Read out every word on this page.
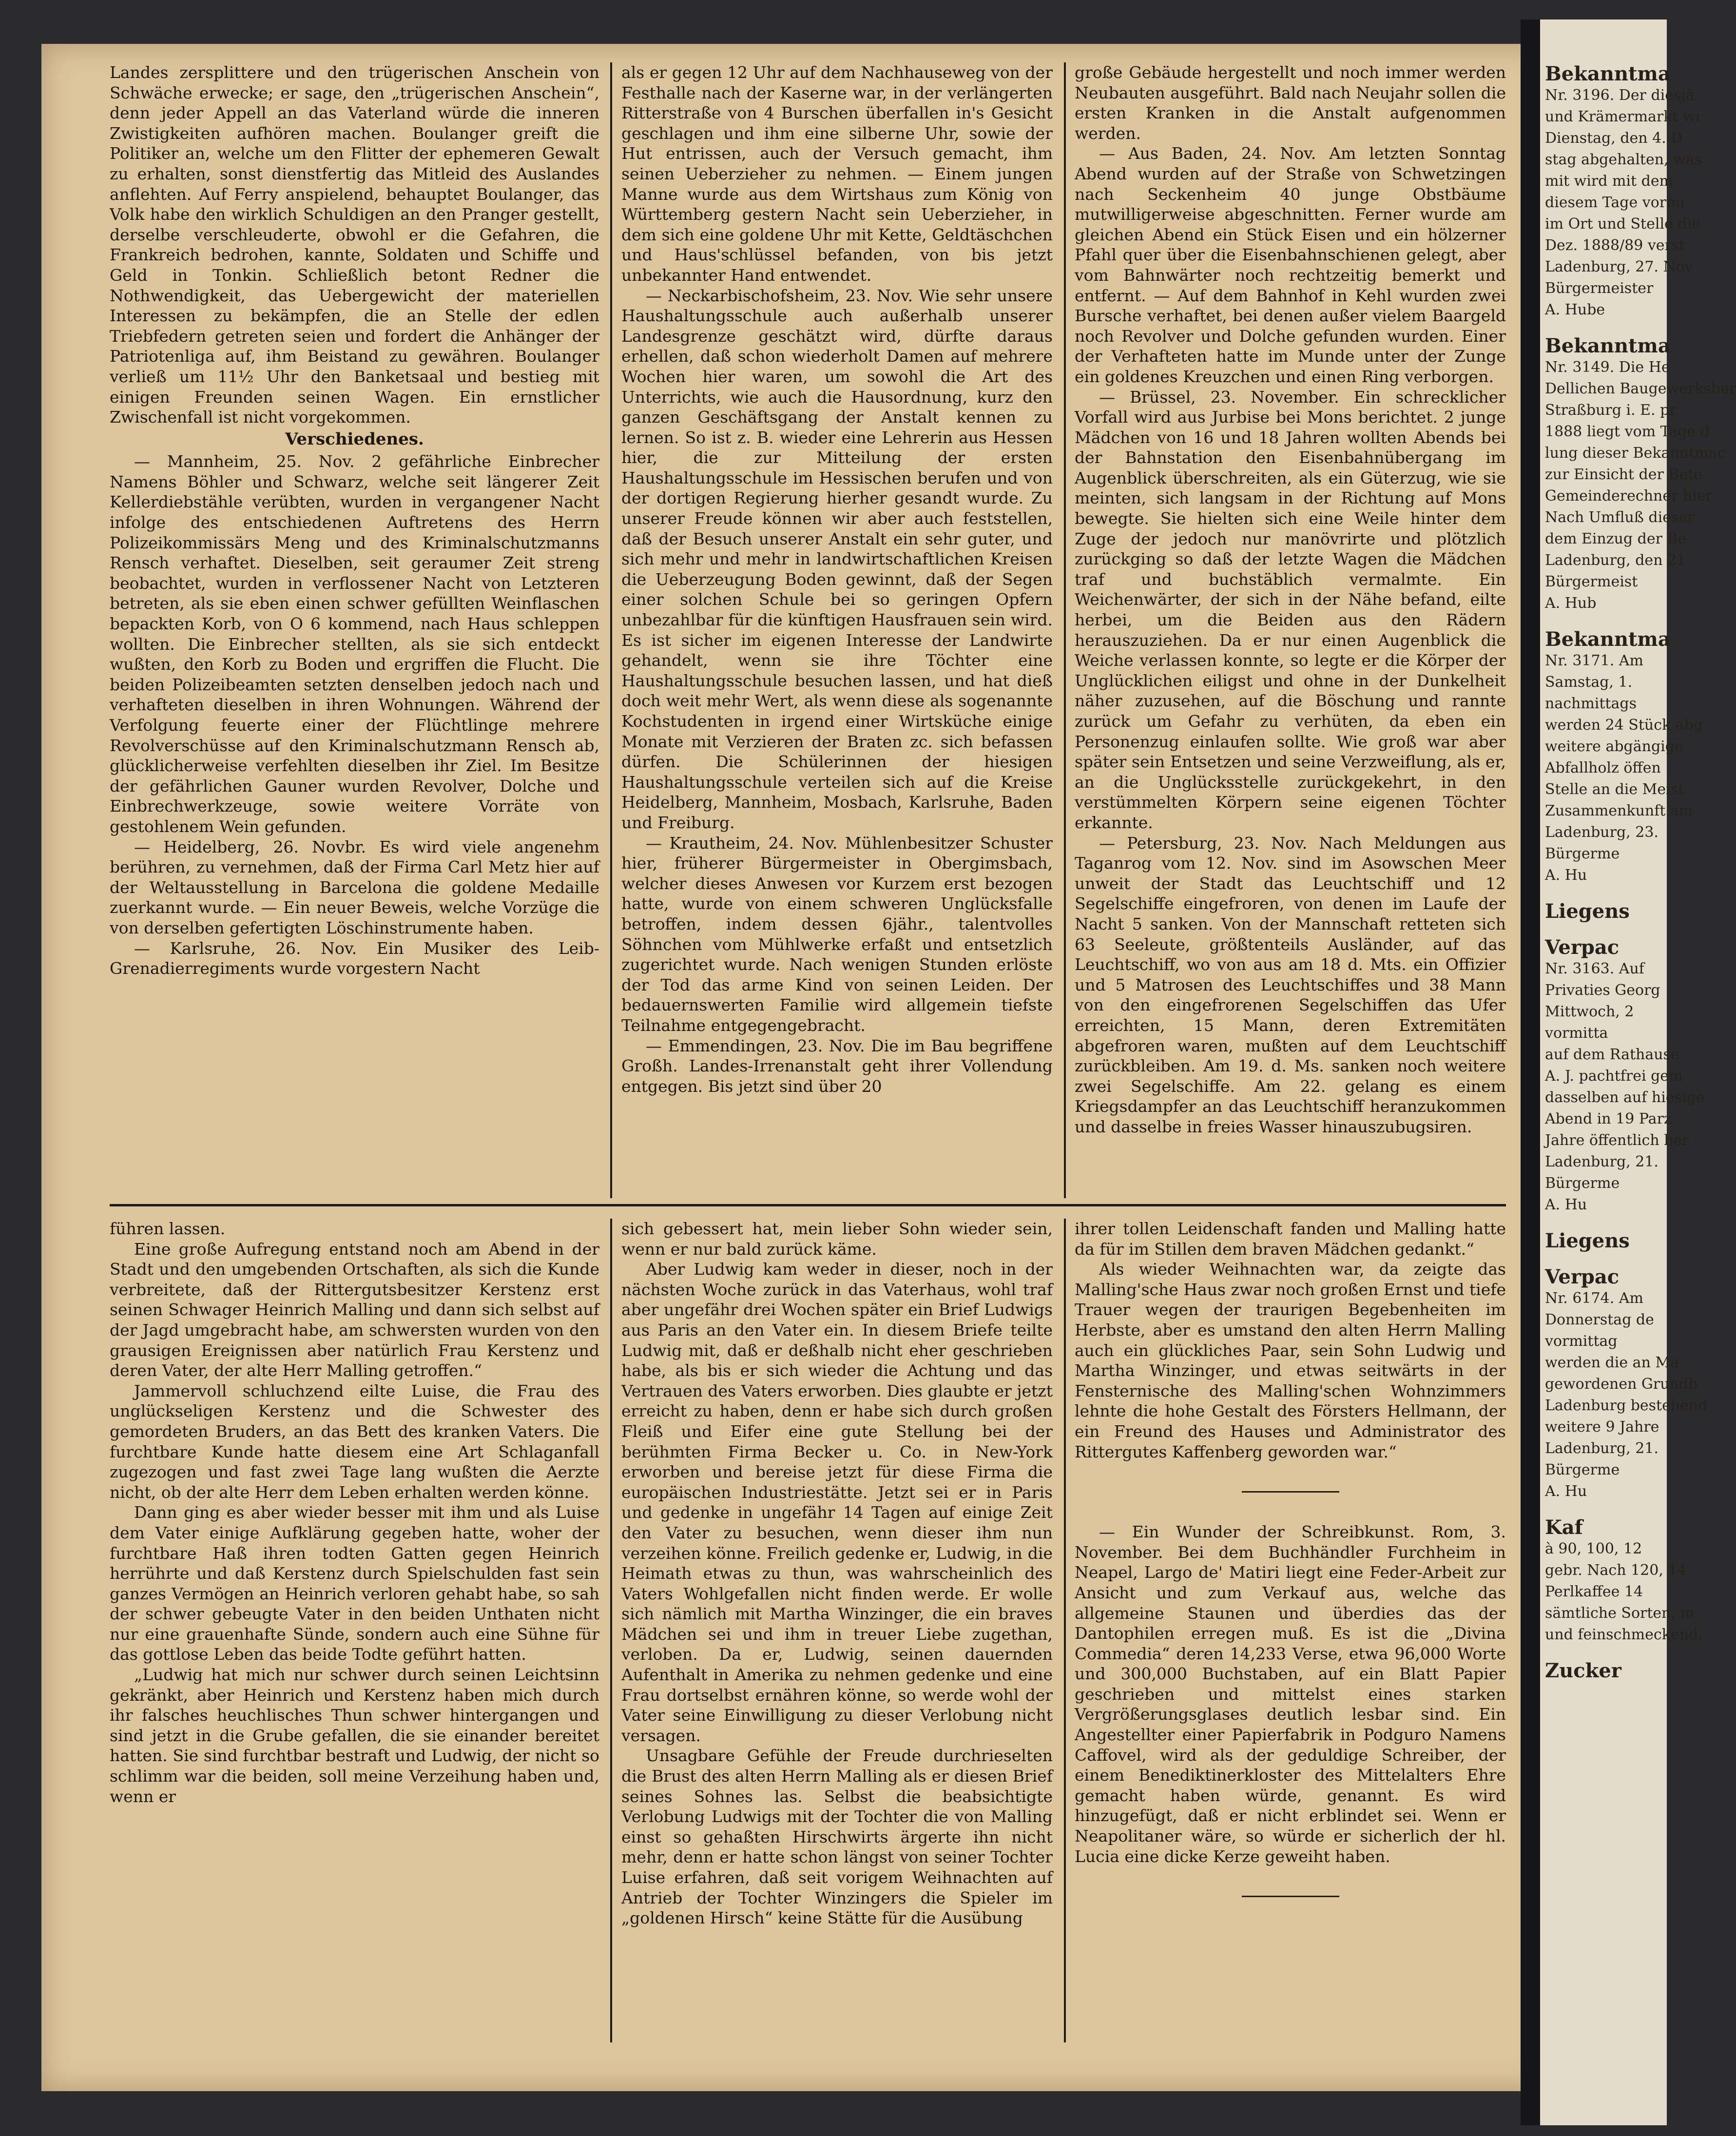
Bekanntma
Nr. 3196. Der diesjä
und Krämermarkt wi
Dienstag, den 4. D
stag abgehalten, was
mit wird mit dem
diesem Tage vormi
im Ort und Stelle die
Dez. 1888/89 verst
Ladenburg, 27. Nov
Bürgermeister
A. Hube
Bekanntma
Nr. 3149. Die He
Dellichen Baugewerksber
Straßburg i. E. pr
1888 liegt vom Tage d
lung dieser Bekanntmac
zur Einsicht der Bete
Gemeinderechner hier
Nach Umfluß dieser
dem Einzug der Be
Ladenburg, den 21
Bürgermeist
A. Hub
Bekanntma
Nr. 3171. Am
Samstag, 1.
nachmittags
werden 24 Stück abg
weitere abgängige
Abfallholz öffen
Stelle an die Meist
Zusammenkunft am
Ladenburg, 23.
Bürgerme
A. Hu
Liegens
Verpac
Nr. 3163. Auf
Privaties Georg
Mittwoch, 2
vormitta
auf dem Rathause
A. J. pachtfrei gem
dasselben auf hiesige
Abend in 19 Parz
Jahre öffentlich ber
Ladenburg, 21.
Bürgerme
A. Hu
Liegens
Verpac
Nr. 6174. Am
Donnerstag de
vormittag
werden die an Ma
gewordenen Grundb
Ladenburg bestehend
weitere 9 Jahre
Ladenburg, 21.
Bürgerme
A. Hu
Kaf
à 90, 100, 12
gebr. Nach 120, 14
Perlkaffee 14
sämtliche Sorten, m
und feinschmeckend.
Zucker

Landes zersplittere und den trügerischen Anschein von Schwäche erwecke; er sage, den „trügerischen Anschein“, denn jeder Appell an das Vaterland würde die inneren Zwistigkeiten aufhören machen. Boulanger greift die Politiker an, welche um den Flitter der ephemeren Gewalt zu erhalten, sonst dienstfertig das Mitleid des Auslandes anflehten. Auf Ferry anspielend, behauptet Boulanger, das Volk habe den wirklich Schuldigen an den Pranger gestellt, derselbe verschleuderte, obwohl er die Gefahren, die Frankreich bedrohen, kannte, Soldaten und Schiffe und Geld in Tonkin. Schließlich betont Redner die Nothwendigkeit, das Uebergewicht der materiellen Interessen zu bekämpfen, die an Stelle der edlen Triebfedern getreten seien und fordert die Anhänger der Patriotenliga auf, ihm Beistand zu gewähren. Boulanger verließ um 11½ Uhr den Banketsaal und bestieg mit einigen Freunden seinen Wagen. Ein ernstlicher Zwischenfall ist nicht vorgekommen.

Verschiedenes.

— Mannheim, 25. Nov. 2 gefährliche Einbrecher Namens Böhler und Schwarz, welche seit längerer Zeit Kellerdiebstähle verübten, wurden in vergangener Nacht infolge des entschiedenen Auftretens des Herrn Polizeikommissärs Meng und des Kriminalschutzmanns Rensch verhaftet. Dieselben, seit geraumer Zeit streng beobachtet, wurden in verflossener Nacht von Letzteren betreten, als sie eben einen schwer gefüllten Weinflaschen bepackten Korb, von O 6 kommend, nach Haus schleppen wollten. Die Einbrecher stellten, als sie sich entdeckt wußten, den Korb zu Boden und ergriffen die Flucht. Die beiden Polizeibeamten setzten denselben jedoch nach und verhafteten dieselben in ihren Wohnungen. Während der Verfolgung feuerte einer der Flüchtlinge mehrere Revolverschüsse auf den Kriminalschutzmann Rensch ab, glücklicherweise verfehlten dieselben ihr Ziel. Im Besitze der gefährlichen Gauner wurden Revolver, Dolche und Einbrechwerkzeuge, sowie weitere Vorräte von gestohlenem Wein gefunden.

— Heidelberg, 26. Novbr. Es wird viele angenehm berühren, zu vernehmen, daß der Firma Carl Metz hier auf der Weltausstellung in Barcelona die goldene Medaille zuerkannt wurde. — Ein neuer Beweis, welche Vorzüge die von derselben gefertigten Löschinstrumente haben.

— Karlsruhe, 26. Nov. Ein Musiker des Leib-Grenadierregiments wurde vorgestern Nacht

als er gegen 12 Uhr auf dem Nachhauseweg von der Festhalle nach der Kaserne war, in der verlängerten Ritterstraße von 4 Burschen überfallen in's Gesicht geschlagen und ihm eine silberne Uhr, sowie der Hut entrissen, auch der Versuch gemacht, ihm seinen Ueberzieher zu nehmen. — Einem jungen Manne wurde aus dem Wirtshaus zum König von Württemberg gestern Nacht sein Ueberzieher, in dem sich eine goldene Uhr mit Kette, Geldtäschchen und Haus'schlüssel befanden, von bis jetzt unbekannter Hand entwendet.

— Neckarbischofsheim, 23. Nov. Wie sehr unsere Haushaltungsschule auch außerhalb unserer Landesgrenze geschätzt wird, dürfte daraus erhellen, daß schon wiederholt Damen auf mehrere Wochen hier waren, um sowohl die Art des Unterrichts, wie auch die Hausordnung, kurz den ganzen Geschäftsgang der Anstalt kennen zu lernen. So ist z. B. wieder eine Lehrerin aus Hessen hier, die zur Mitteilung der ersten Haushaltungsschule im Hessischen berufen und von der dortigen Regierung hierher gesandt wurde. Zu unserer Freude können wir aber auch feststellen, daß der Besuch unserer Anstalt ein sehr guter, und sich mehr und mehr in landwirtschaftlichen Kreisen die Ueberzeugung Boden gewinnt, daß der Segen einer solchen Schule bei so geringen Opfern unbezahlbar für die künftigen Hausfrauen sein wird. Es ist sicher im eigenen Interesse der Landwirte gehandelt, wenn sie ihre Töchter eine Haushaltungsschule besuchen lassen, und hat dieß doch weit mehr Wert, als wenn diese als sogenannte Kochstudenten in irgend einer Wirtsküche einige Monate mit Verzieren der Braten zc. sich befassen dürfen. Die Schülerinnen der hiesigen Haushaltungsschule verteilen sich auf die Kreise Heidelberg, Mannheim, Mosbach, Karlsruhe, Baden und Freiburg.

— Krautheim, 24. Nov. Mühlenbesitzer Schuster hier, früherer Bürgermeister in Obergimsbach, welcher dieses Anwesen vor Kurzem erst bezogen hatte, wurde von einem schweren Unglücksfalle betroffen, indem dessen 6jähr., talentvolles Söhnchen vom Mühlwerke erfaßt und entsetzlich zugerichtet wurde. Nach wenigen Stunden erlöste der Tod das arme Kind von seinen Leiden. Der bedauernswerten Familie wird allgemein tiefste Teilnahme entgegengebracht.

— Emmendingen, 23. Nov. Die im Bau begriffene Großh. Landes-Irrenanstalt geht ihrer Vollendung entgegen. Bis jetzt sind über 20

große Gebäude hergestellt und noch immer werden Neubauten ausgeführt. Bald nach Neujahr sollen die ersten Kranken in die Anstalt aufgenommen werden.

— Aus Baden, 24. Nov. Am letzten Sonntag Abend wurden auf der Straße von Schwetzingen nach Seckenheim 40 junge Obstbäume mutwilligerweise abgeschnitten. Ferner wurde am gleichen Abend ein Stück Eisen und ein hölzerner Pfahl quer über die Eisenbahnschienen gelegt, aber vom Bahnwärter noch rechtzeitig bemerkt und entfernt. — Auf dem Bahnhof in Kehl wurden zwei Bursche verhaftet, bei denen außer vielem Baargeld noch Revolver und Dolche gefunden wurden. Einer der Verhafteten hatte im Munde unter der Zunge ein goldenes Kreuzchen und einen Ring verborgen.

— Brüssel, 23. November. Ein schrecklicher Vorfall wird aus Jurbise bei Mons berichtet. 2 junge Mädchen von 16 und 18 Jahren wollten Abends bei der Bahnstation den Eisenbahnübergang im Augenblick überschreiten, als ein Güterzug, wie sie meinten, sich langsam in der Richtung auf Mons bewegte. Sie hielten sich eine Weile hinter dem Zuge der jedoch nur manövrirte und plötzlich zurückging so daß der letzte Wagen die Mädchen traf und buchstäblich vermalmte. Ein Weichenwärter, der sich in der Nähe befand, eilte herbei, um die Beiden aus den Rädern herauszuziehen. Da er nur einen Augenblick die Weiche verlassen konnte, so legte er die Körper der Unglücklichen eiligst und ohne in der Dunkelheit näher zuzusehen, auf die Böschung und rannte zurück um Gefahr zu verhüten, da eben ein Personenzug einlaufen sollte. Wie groß war aber später sein Entsetzen und seine Verzweiflung, als er, an die Unglücksstelle zurückgekehrt, in den verstümmelten Körpern seine eigenen Töchter erkannte.

— Petersburg, 23. Nov. Nach Meldungen aus Taganrog vom 12. Nov. sind im Asowschen Meer unweit der Stadt das Leuchtschiff und 12 Segelschiffe eingefroren, von denen im Laufe der Nacht 5 sanken. Von der Mannschaft retteten sich 63 Seeleute, größtenteils Ausländer, auf das Leuchtschiff, wo von aus am 18 d. Mts. ein Offizier und 5 Matrosen des Leuchtschiffes und 38 Mann von den eingefrorenen Segelschiffen das Ufer erreichten, 15 Mann, deren Extremitäten abgefroren waren, mußten auf dem Leuchtschiff zurückbleiben. Am 19. d. Ms. sanken noch weitere zwei Segelschiffe. Am 22. gelang es einem Kriegsdampfer an das Leuchtschiff heranzukommen und dasselbe in freies Wasser hinauszubugsiren.

führen lassen.

Eine große Aufregung entstand noch am Abend in der Stadt und den umgebenden Ortschaften, als sich die Kunde verbreitete, daß der Rittergutsbesitzer Kerstenz erst seinen Schwager Heinrich Malling und dann sich selbst auf der Jagd umgebracht habe, am schwersten wurden von den grausigen Ereignissen aber natürlich Frau Kerstenz und deren Vater, der alte Herr Malling getroffen.“

Jammervoll schluchzend eilte Luise, die Frau des unglückseligen Kerstenz und die Schwester des gemordeten Bruders, an das Bett des kranken Vaters. Die furchtbare Kunde hatte diesem eine Art Schlaganfall zugezogen und fast zwei Tage lang wußten die Aerzte nicht, ob der alte Herr dem Leben erhalten werden könne.

Dann ging es aber wieder besser mit ihm und als Luise dem Vater einige Aufklärung gegeben hatte, woher der furchtbare Haß ihren todten Gatten gegen Heinrich herrührte und daß Kerstenz durch Spielschulden fast sein ganzes Vermögen an Heinrich verloren gehabt habe, so sah der schwer gebeugte Vater in den beiden Unthaten nicht nur eine grauenhafte Sünde, sondern auch eine Sühne für das gottlose Leben das beide Todte geführt hatten.

„Ludwig hat mich nur schwer durch seinen Leichtsinn gekränkt, aber Heinrich und Kerstenz haben mich durch ihr falsches heuchlisches Thun schwer hintergangen und sind jetzt in die Grube gefallen, die sie einander bereitet hatten. Sie sind furchtbar bestraft und Ludwig, der nicht so schlimm war die beiden, soll meine Verzeihung haben und, wenn er

sich gebessert hat, mein lieber Sohn wieder sein, wenn er nur bald zurück käme.

Aber Ludwig kam weder in dieser, noch in der nächsten Woche zurück in das Vaterhaus, wohl traf aber ungefähr drei Wochen später ein Brief Ludwigs aus Paris an den Vater ein. In diesem Briefe teilte Ludwig mit, daß er deßhalb nicht eher geschrieben habe, als bis er sich wieder die Achtung und das Vertrauen des Vaters erworben. Dies glaubte er jetzt erreicht zu haben, denn er habe sich durch großen Fleiß und Eifer eine gute Stellung bei der berühmten Firma Becker u. Co. in New-York erworben und bereise jetzt für diese Firma die europäischen Industriestätte. Jetzt sei er in Paris und gedenke in ungefähr 14 Tagen auf einige Zeit den Vater zu besuchen, wenn dieser ihm nun verzeihen könne. Freilich gedenke er, Ludwig, in die Heimath etwas zu thun, was wahrscheinlich des Vaters Wohlgefallen nicht finden werde. Er wolle sich nämlich mit Martha Winzinger, die ein braves Mädchen sei und ihm in treuer Liebe zugethan, verloben. Da er, Ludwig, seinen dauernden Aufenthalt in Amerika zu nehmen gedenke und eine Frau dortselbst ernähren könne, so werde wohl der Vater seine Einwilligung zu dieser Verlobung nicht versagen.

Unsagbare Gefühle der Freude durchrieselten die Brust des alten Herrn Malling als er diesen Brief seines Sohnes las. Selbst die beabsichtigte Verlobung Ludwigs mit der Tochter die von Malling einst so gehaßten Hirschwirts ärgerte ihn nicht mehr, denn er hatte schon längst von seiner Tochter Luise erfahren, daß seit vorigem Weihnachten auf Antrieb der Tochter Winzingers die Spieler im „goldenen Hirsch“ keine Stätte für die Ausübung

ihrer tollen Leidenschaft fanden und Malling hatte da für im Stillen dem braven Mädchen gedankt.“

Als wieder Weihnachten war, da zeigte das Malling'sche Haus zwar noch großen Ernst und tiefe Trauer wegen der traurigen Begebenheiten im Herbste, aber es umstand den alten Herrn Malling auch ein glückliches Paar, sein Sohn Ludwig und Martha Winzinger, und etwas seitwärts in der Fensternische des Malling'schen Wohnzimmers lehnte die hohe Gestalt des Försters Hellmann, der ein Freund des Hauses und Administrator des Rittergutes Kaffenberg geworden war.“

— Ein Wunder der Schreibkunst. Rom, 3. November. Bei dem Buchhändler Furchheim in Neapel, Largo de' Matiri liegt eine Feder-Arbeit zur Ansicht und zum Verkauf aus, welche das allgemeine Staunen und überdies das der Dantophilen erregen muß. Es ist die „Divina Commedia“ deren 14,233 Verse, etwa 96,000 Worte und 300,000 Buchstaben, auf ein Blatt Papier geschrieben und mittelst eines starken Vergrößerungsglases deutlich lesbar sind. Ein Angestellter einer Papierfabrik in Podguro Namens Caffovel, wird als der geduldige Schreiber, der einem Benediktinerkloster des Mittelalters Ehre gemacht haben würde, genannt. Es wird hinzugefügt, daß er nicht erblindet sei. Wenn er Neapolitaner wäre, so würde er sicherlich der hl. Lucia eine dicke Kerze geweiht haben.
